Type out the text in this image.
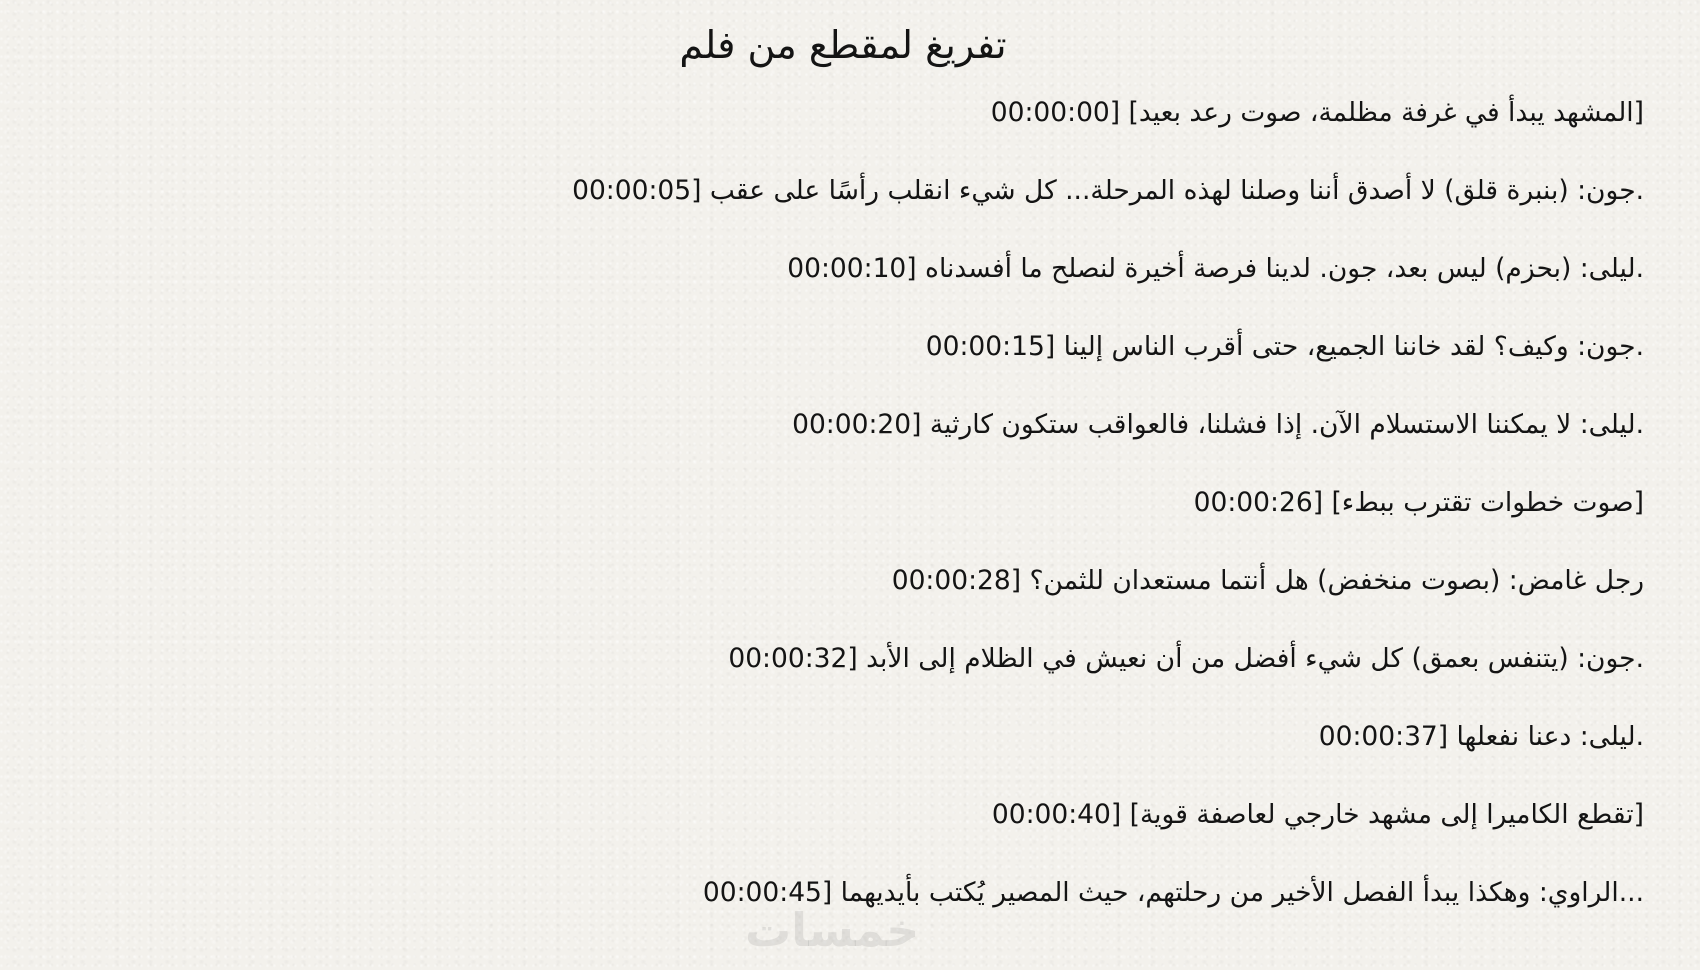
تفريغ لمقطع من فلم
[المشهد يبدأ في غرفة مظلمة، صوت رعد بعيد] [00:00:00
.جون: (بنبرة قلق) لا أصدق أننا وصلنا لهذه المرحلة... كل شيء انقلب رأسًا على عقب [00:00:05
.ليلى: (بحزم) ليس بعد، جون. لدينا فرصة أخيرة لنصلح ما أفسدناه [00:00:10
.جون: وكيف؟ لقد خاننا الجميع، حتى أقرب الناس إلينا [00:00:15
.ليلى: لا يمكننا الاستسلام الآن. إذا فشلنا، فالعواقب ستكون كارثية [00:00:20
[صوت خطوات تقترب ببطء] [00:00:26
رجل غامض: (بصوت منخفض) هل أنتما مستعدان للثمن؟ [00:00:28
.جون: (يتنفس بعمق) كل شيء أفضل من أن نعيش في الظلام إلى الأبد [00:00:32
.ليلى: دعنا نفعلها [00:00:37
[تقطع الكاميرا إلى مشهد خارجي لعاصفة قوية] [00:00:40
...الراوي: وهكذا يبدأ الفصل الأخير من رحلتهم، حيث المصير يُكتب بأيديهما [00:00:45
خمسات
